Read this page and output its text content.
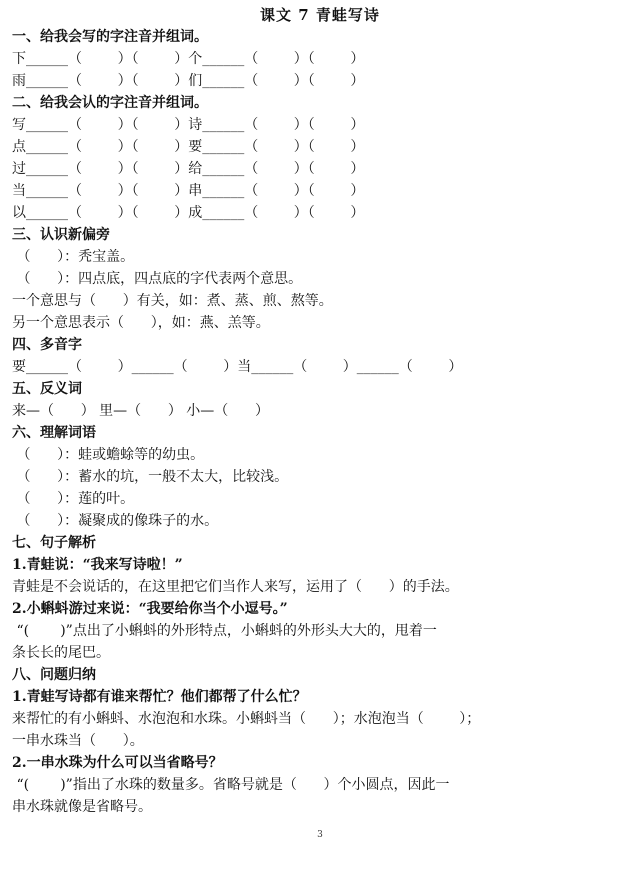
课文 7 青蛙写诗
一、给我会写的字注音并组词。
下______（        ）（        ）个______（        ）（        ）
雨______（        ）（        ）们______（        ）（        ）
二、给我会认的字注音并组词。
写______（        ）（        ）诗______（        ）（        ）
点______（        ）（        ）要______（        ）（        ）
过______（        ）（        ）给______（        ）（        ）
当______（        ）（        ）串______（        ）（        ）
以______（        ）（        ）成______（        ）（        ）
三、认识新偏旁
（      ）：秃宝盖。
（      ）：四点底，四点底的字代表两个意思。
一个意思与（      ）有关，如：煮、蒸、煎、熬等。
另一个意思表示（      ），如：燕、羔等。
四、多音字
要______（        ）______（        ）当______（        ）______（        ）
五、反义词
来—（      ） 里—（      ） 小—（      ）
六、理解词语
（      ）：蛙或蟾蜍等的幼虫。
（      ）：蓄水的坑，一般不太大，比较浅。
（      ）：莲的叶。
（      ）：凝聚成的像珠子的水。
七、句子解析
1.青蛙说：“我来写诗啦！”
青蛙是不会说话的，在这里把它们当作人来写，运用了（      ）的手法。
2.小蝌蚪游过来说：“我要给你当个小逗号。”
“(       )”点出了小蝌蚪的外形特点，小蝌蚪的外形头大大的，甩着一
条长长的尾巴。
八、问题归纳
1.青蛙写诗都有谁来帮忙？他们都帮了什么忙？
来帮忙的有小蝌蚪、水泡泡和水珠。小蝌蚪当（      ）；水泡泡当（        ）；
一串水珠当（      ）。
2.一串水珠为什么可以当省略号？
“(       )”指出了水珠的数量多。省略号就是（      ）个小圆点，因此一
串水珠就像是省略号。
3
